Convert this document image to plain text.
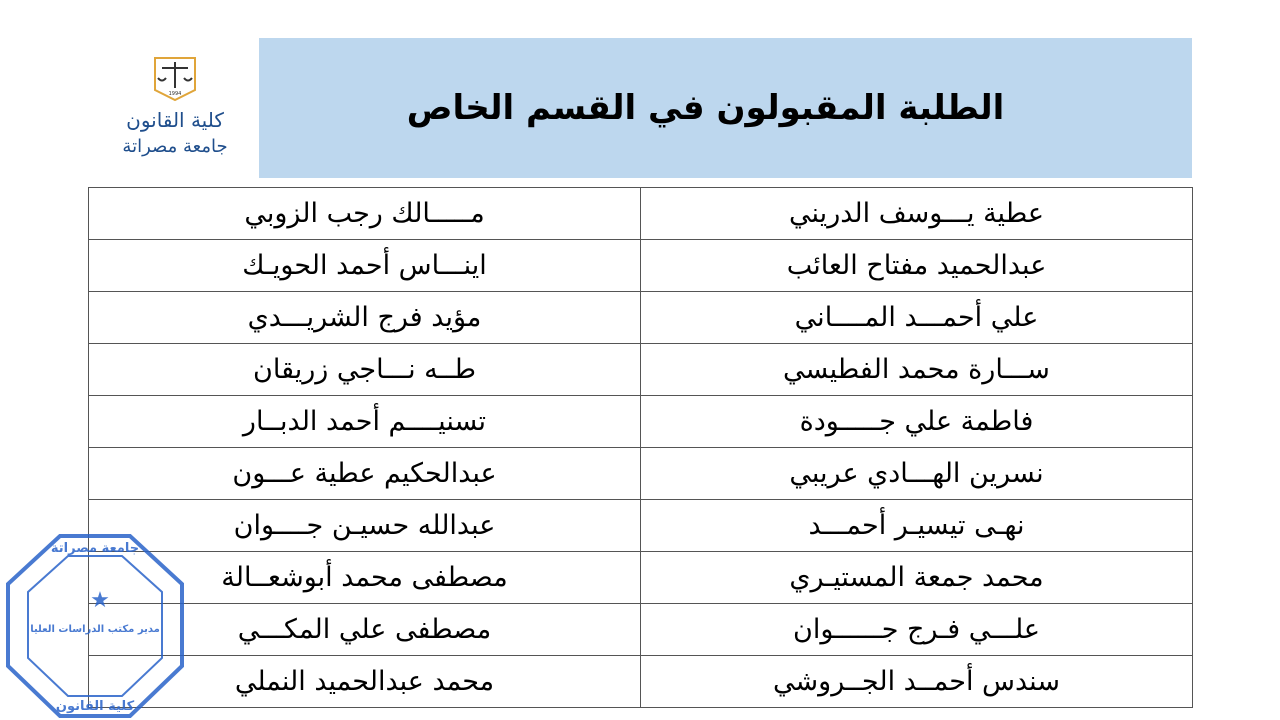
الطلبة المقبولون في القسم الخاص
1994
كلية القانون
جامعة مصراتة
عطية يـــوسف الدريني	مـــــالك رجب الزوبي
عبدالحميد مفتاح العائب	اينـــاس أحمد الحويـك
علي أحمـــد المــــاني	مؤيد فرج الشريـــدي
ســـارة محمد الفطيسي	طــه نـــاجي زريقان
فاطمة علي جـــــودة	تسنيــــم أحمد الدبــار
نسرين الهـــادي عريبي	عبدالحكيم عطية عـــون
نهـى تيسيـر أحمـــد	عبدالله حسيـن جــــوان
محمد جمعة المستيـري	مصطفى محمد أبوشعــالة
علـــي فـرج جــــــوان	مصطفى علي المكـــي
سندس أحمــد الجــروشي	محمد عبدالحميد النملي
جامعة مصراتة
مدير مكتب الدراسات العليا
كلية القانون
★
